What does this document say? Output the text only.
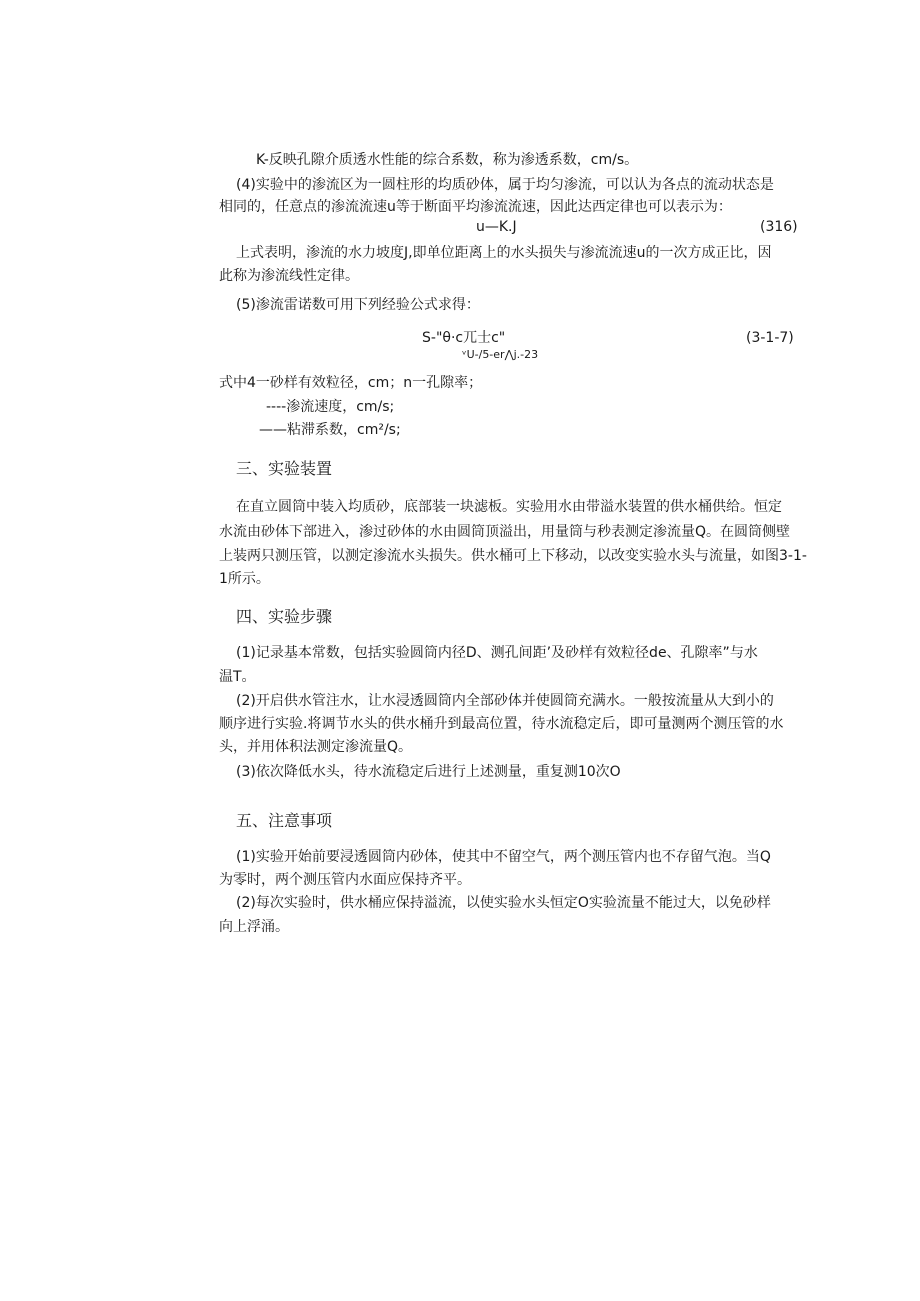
K-反映孔隙介质透水性能的综合系数，称为渗透系数，cm/s。
(4)实验中的渗流区为一圆柱形的均质砂体，属于均匀渗流，可以认为各点的流动状态是
相同的，任意点的渗流流速u等于断面平均渗流流速，因此达西定律也可以表示为：
u—K.J	(316)
上式表明，渗流的水力坡度J,即单位距离上的水头损失与渗流流速u的一次方成正比，因
此称为渗流线性定律。
(5)渗流雷诺数可用下列经验公式求得：
S-"θ·c兀士c"
ᵛU-/5-er⋀j.-23
(3-1-7)
式中4一砂样有效粒径，cm；n一孔隙率；
----渗流速度，cm/s;
——粘滞系数，cm²/s;
三、实验装置
在直立圆筒中装入均质砂，底部装一块滤板。实验用水由带溢水装置的供水桶供给。恒定
水流由砂体下部进入，渗过砂体的水由圆筒顶溢出，用量筒与秒表测定渗流量Q。在圆筒侧壁
上装两只测压管，以测定渗流水头损失。供水桶可上下移动，以改变实验水头与流量，如图3-1-
1所示。
四、实验步骤
(1)记录基本常数，包括实验圆筒内径D、测孔间距’及砂样有效粒径de、孔隙率”与水
温T。
(2)开启供水管注水，让水浸透圆筒内全部砂体并使圆筒充满水。一般按流量从大到小的
顺序进行实验.将调节水头的供水桶升到最高位置，待水流稳定后，即可量测两个测压管的水
头，并用体积法测定渗流量Q。
(3)依次降低水头，待水流稳定后进行上述测量，重复测10次O
五、注意事项
(1)实验开始前要浸透圆筒内砂体，使其中不留空气，两个测压管内也不存留气泡。当Q
为零时，两个测压管内水面应保持齐平。
(2)每次实验时，供水桶应保持溢流，以使实验水头恒定O实验流量不能过大，以免砂样
向上浮涌。
